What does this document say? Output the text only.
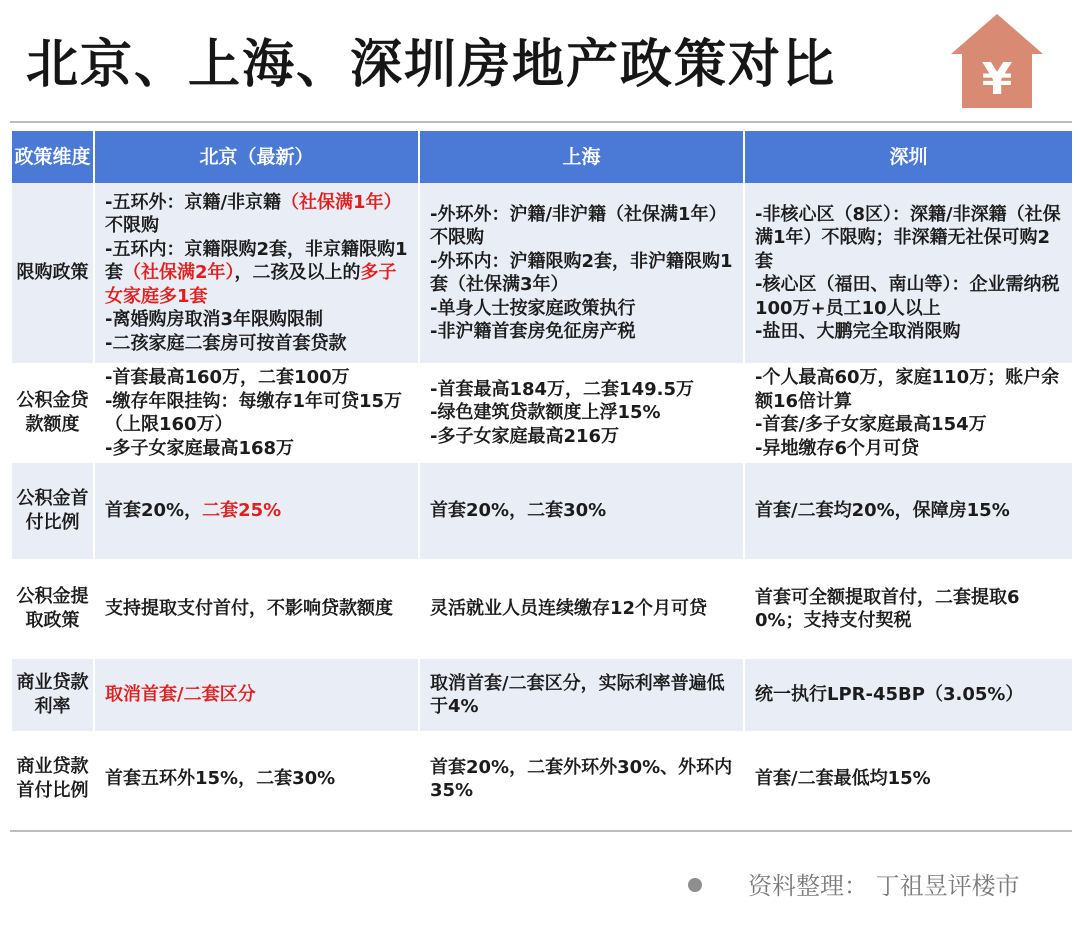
北京、上海、深圳房地产政策对比	¥
政策维度	北京（最新）	上海	深圳
限购政策	-五环外：京籍/非京籍（社保满1年）不限购
-五环内：京籍限购2套，非京籍限购1套（社保满2年），二孩及以上的多子女家庭多1套
-离婚购房取消3年限购限制
-二孩家庭二套房可按首套贷款	-外环外：沪籍/非沪籍（社保满1年）不限购
-外环内：沪籍限购2套，非沪籍限购1套（社保满3年）
-单身人士按家庭政策执行
-非沪籍首套房免征房产税	-非核心区（8区）：深籍/非深籍（社保满1年）不限购；非深籍无社保可购2套
-核心区（福田、南山等）：企业需纳税100万+员工10人以上
-盐田、大鹏完全取消限购

公积金贷款额度	-首套最高160万，二套100万
-缴存年限挂钩：每缴存1年可贷15万（上限160万）
-多子女家庭最高168万	-首套最高184万，二套149.5万
-绿色建筑贷款额度上浮15%
-多子女家庭最高216万	-个人最高60万，家庭110万；账户余额16倍计算
-首套/多子女家庭最高154万
-异地缴存6个月可贷

公积金首付比例	首套20%，二套25%	首套20%，二套30%	首套/二套均20%，保障房15%

公积金提取政策	支持提取支付首付，不影响贷款额度	灵活就业人员连续缴存12个月可贷	首套可全额提取首付，二套提取60%；支持支付契税

商业贷款利率	取消首套/二套区分	取消首套/二套区分，实际利率普遍低于4%	统一执行LPR-45BP（3.05%）

商业贷款首付比例	首套五环外15%，二套30%	首套20%，二套外环外30%、外环内35%	首套/二套最低均15%
资料整理： 丁祖昱评楼市
